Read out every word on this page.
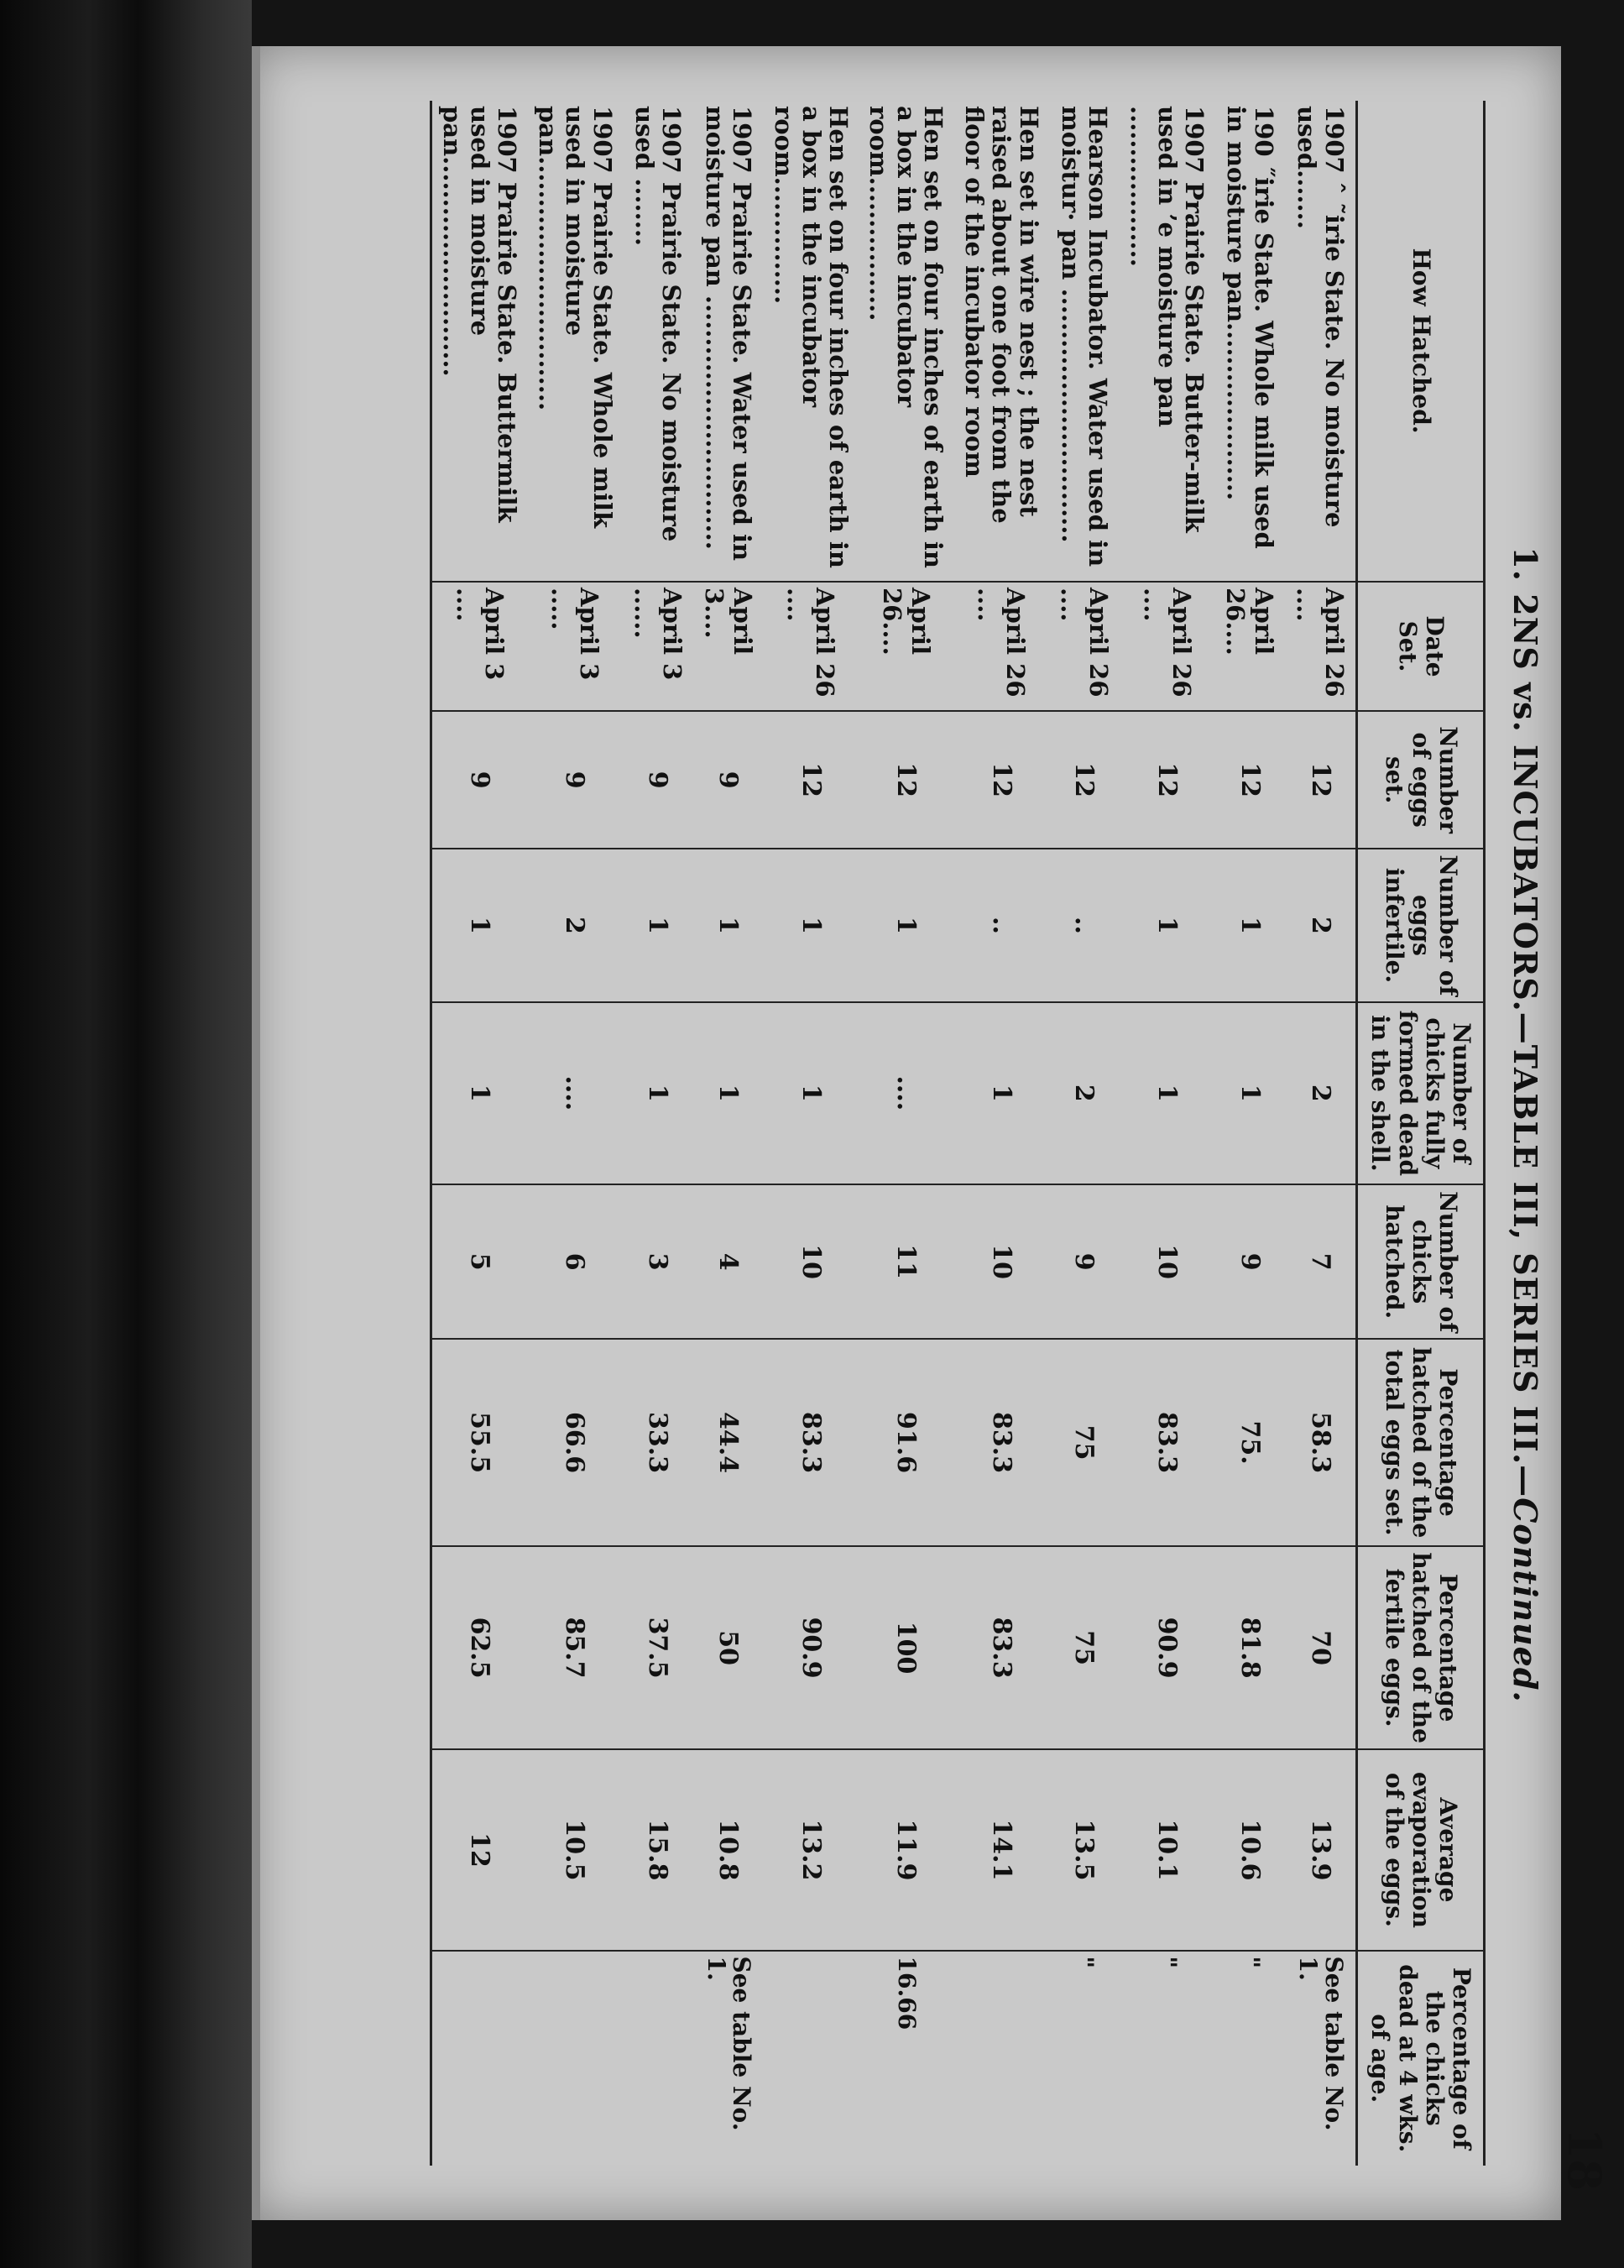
18
1. 2NS vs. INCUBATORS.—TABLE III, SERIES III.—Continued.
How Hatched.	Date Set.	Number of eggs set.	Number of eggs infertile.	Number of chicks fully formed dead in the shell.	Number of chicks hatched.	Percentage hatched of the total eggs set.	Percentage hatched of the fertile eggs.	Average evaporation of the eggs.	Percentage of the chicks dead at 4 wks. of age.
1907 ˆ ˜irie State. No moisture used.......	April 26 ....	12	2	2	7	58.3	70	13.9	See table No. 1.
190 ˝irie State. Whole milk used in moisture pan.....................	April 26....	12	1	1	9	75.	81.8	10.6	"
1907 Prairie State. Butter-milk used in ’e moisture pan ...................	April 26 ....	12	1	1	10	83.3	90.9	10.1	"
Hearson Incubator. Water used in moistur· pan ..............................	April 26 ....	12	..	2	9	75	75	13.5	"
Hen set in wire nest ; the nest raised about one foot from the floor of the incubator room	April 26 ....	12	..	1	10	83.3	83.3	14.1	
Hen set on four inches of earth in a box in the incubator room.................	April 26....	12	1	....	11	91.6	100	11.9	16.66
Hen set on four inches of earth in a box in the incubator room...............	April 26 ....	12	1	1	10	83.3	90.9	13.2	
1907 Prairie State. Water used in moisture pan ..............................	April 3....	9	1	1	4	44.4	50	10.8	See table No. 1.
1907 Prairie State. No moisture used ........	April 3 ......	9	1	1	3	33.3	37.5	15.8	
1907 Prairie State. Whole milk used in moisture pan..............................	April 3 .....	9	2	....	6	66.6	85.7	10.5	
1907 Prairie State. Buttermilk used in moisture pan..........................	April 3 ....	9	1	1	5	55.5	62.5	12	
